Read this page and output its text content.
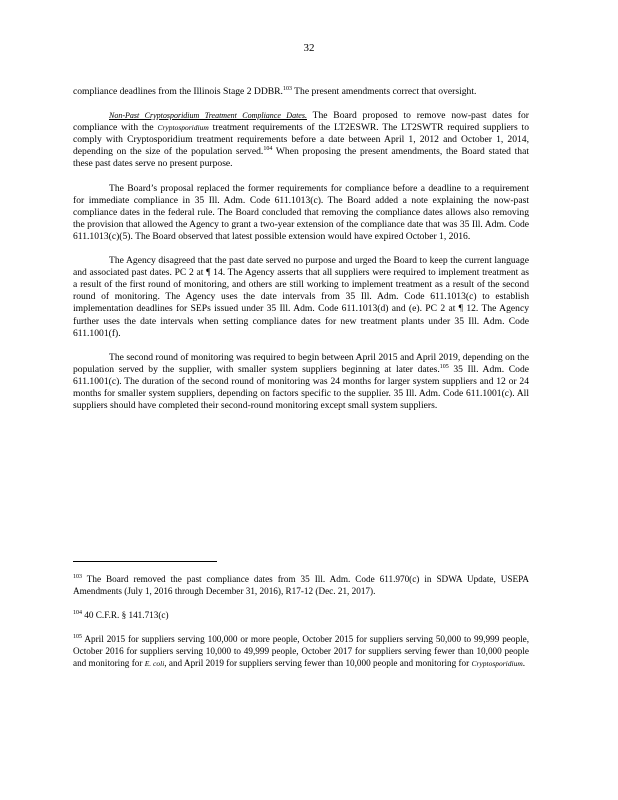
32

compliance deadlines from the Illinois Stage 2 DDBR.$^{103}$ The present amendments correct that oversight.

Non-Past Cryptosporidium Treatment Compliance Dates. The Board proposed to remove now-past dates for compliance with the Cryptosporidium treatment requirements of the LT2ESWR. The LT2SWTR required suppliers to comply with Cryptosporidium treatment requirements before a date between April 1, 2012 and October 1, 2014, depending on the size of the population served.$^{104}$ When proposing the present amendments, the Board stated that these past dates serve no present purpose.

The Board’s proposal replaced the former requirements for compliance before a deadline to a requirement for immediate compliance in 35 Ill. Adm. Code 611.1013(c). The Board added a note explaining the now-past compliance dates in the federal rule. The Board concluded that removing the compliance dates allows also removing the provision that allowed the Agency to grant a two-year extension of the compliance date that was 35 Ill. Adm. Code 611.1013(c)(5). The Board observed that latest possible extension would have expired October 1, 2016.

The Agency disagreed that the past date served no purpose and urged the Board to keep the current language and associated past dates. PC 2 at ¶ 14. The Agency asserts that all suppliers were required to implement treatment as a result of the first round of monitoring, and others are still working to implement treatment as a result of the second round of monitoring. The Agency uses the date intervals from 35 Ill. Adm. Code 611.1013(c) to establish implementation deadlines for SEPs issued under 35 Ill. Adm. Code 611.1013(d) and (e). PC 2 at ¶ 12. The Agency further uses the date intervals when setting compliance dates for new treatment plants under 35 Ill. Adm. Code 611.1001(f).

The second round of monitoring was required to begin between April 2015 and April 2019, depending on the population served by the supplier, with smaller system suppliers beginning at later dates.$^{105}$ 35 Ill. Adm. Code 611.1001(c). The duration of the second round of monitoring was 24 months for larger system suppliers and 12 or 24 months for smaller system suppliers, depending on factors specific to the supplier. 35 Ill. Adm. Code 611.1001(c). All suppliers should have completed their second-round monitoring except small system suppliers.

$^{103}$ The Board removed the past compliance dates from 35 Ill. Adm. Code 611.970(c) in SDWA Update, USEPA Amendments (July 1, 2016 through December 31, 2016), R17-12 (Dec. 21, 2017).

$^{104}$ 40 C.F.R. § 141.713(c)

$^{105}$ April 2015 for suppliers serving 100,000 or more people, October 2015 for suppliers serving 50,000 to 99,999 people, October 2016 for suppliers serving 10,000 to 49,999 people, October 2017 for suppliers serving fewer than 10,000 people and monitoring for E. coli, and April 2019 for suppliers serving fewer than 10,000 people and monitoring for Cryptosporidium.
